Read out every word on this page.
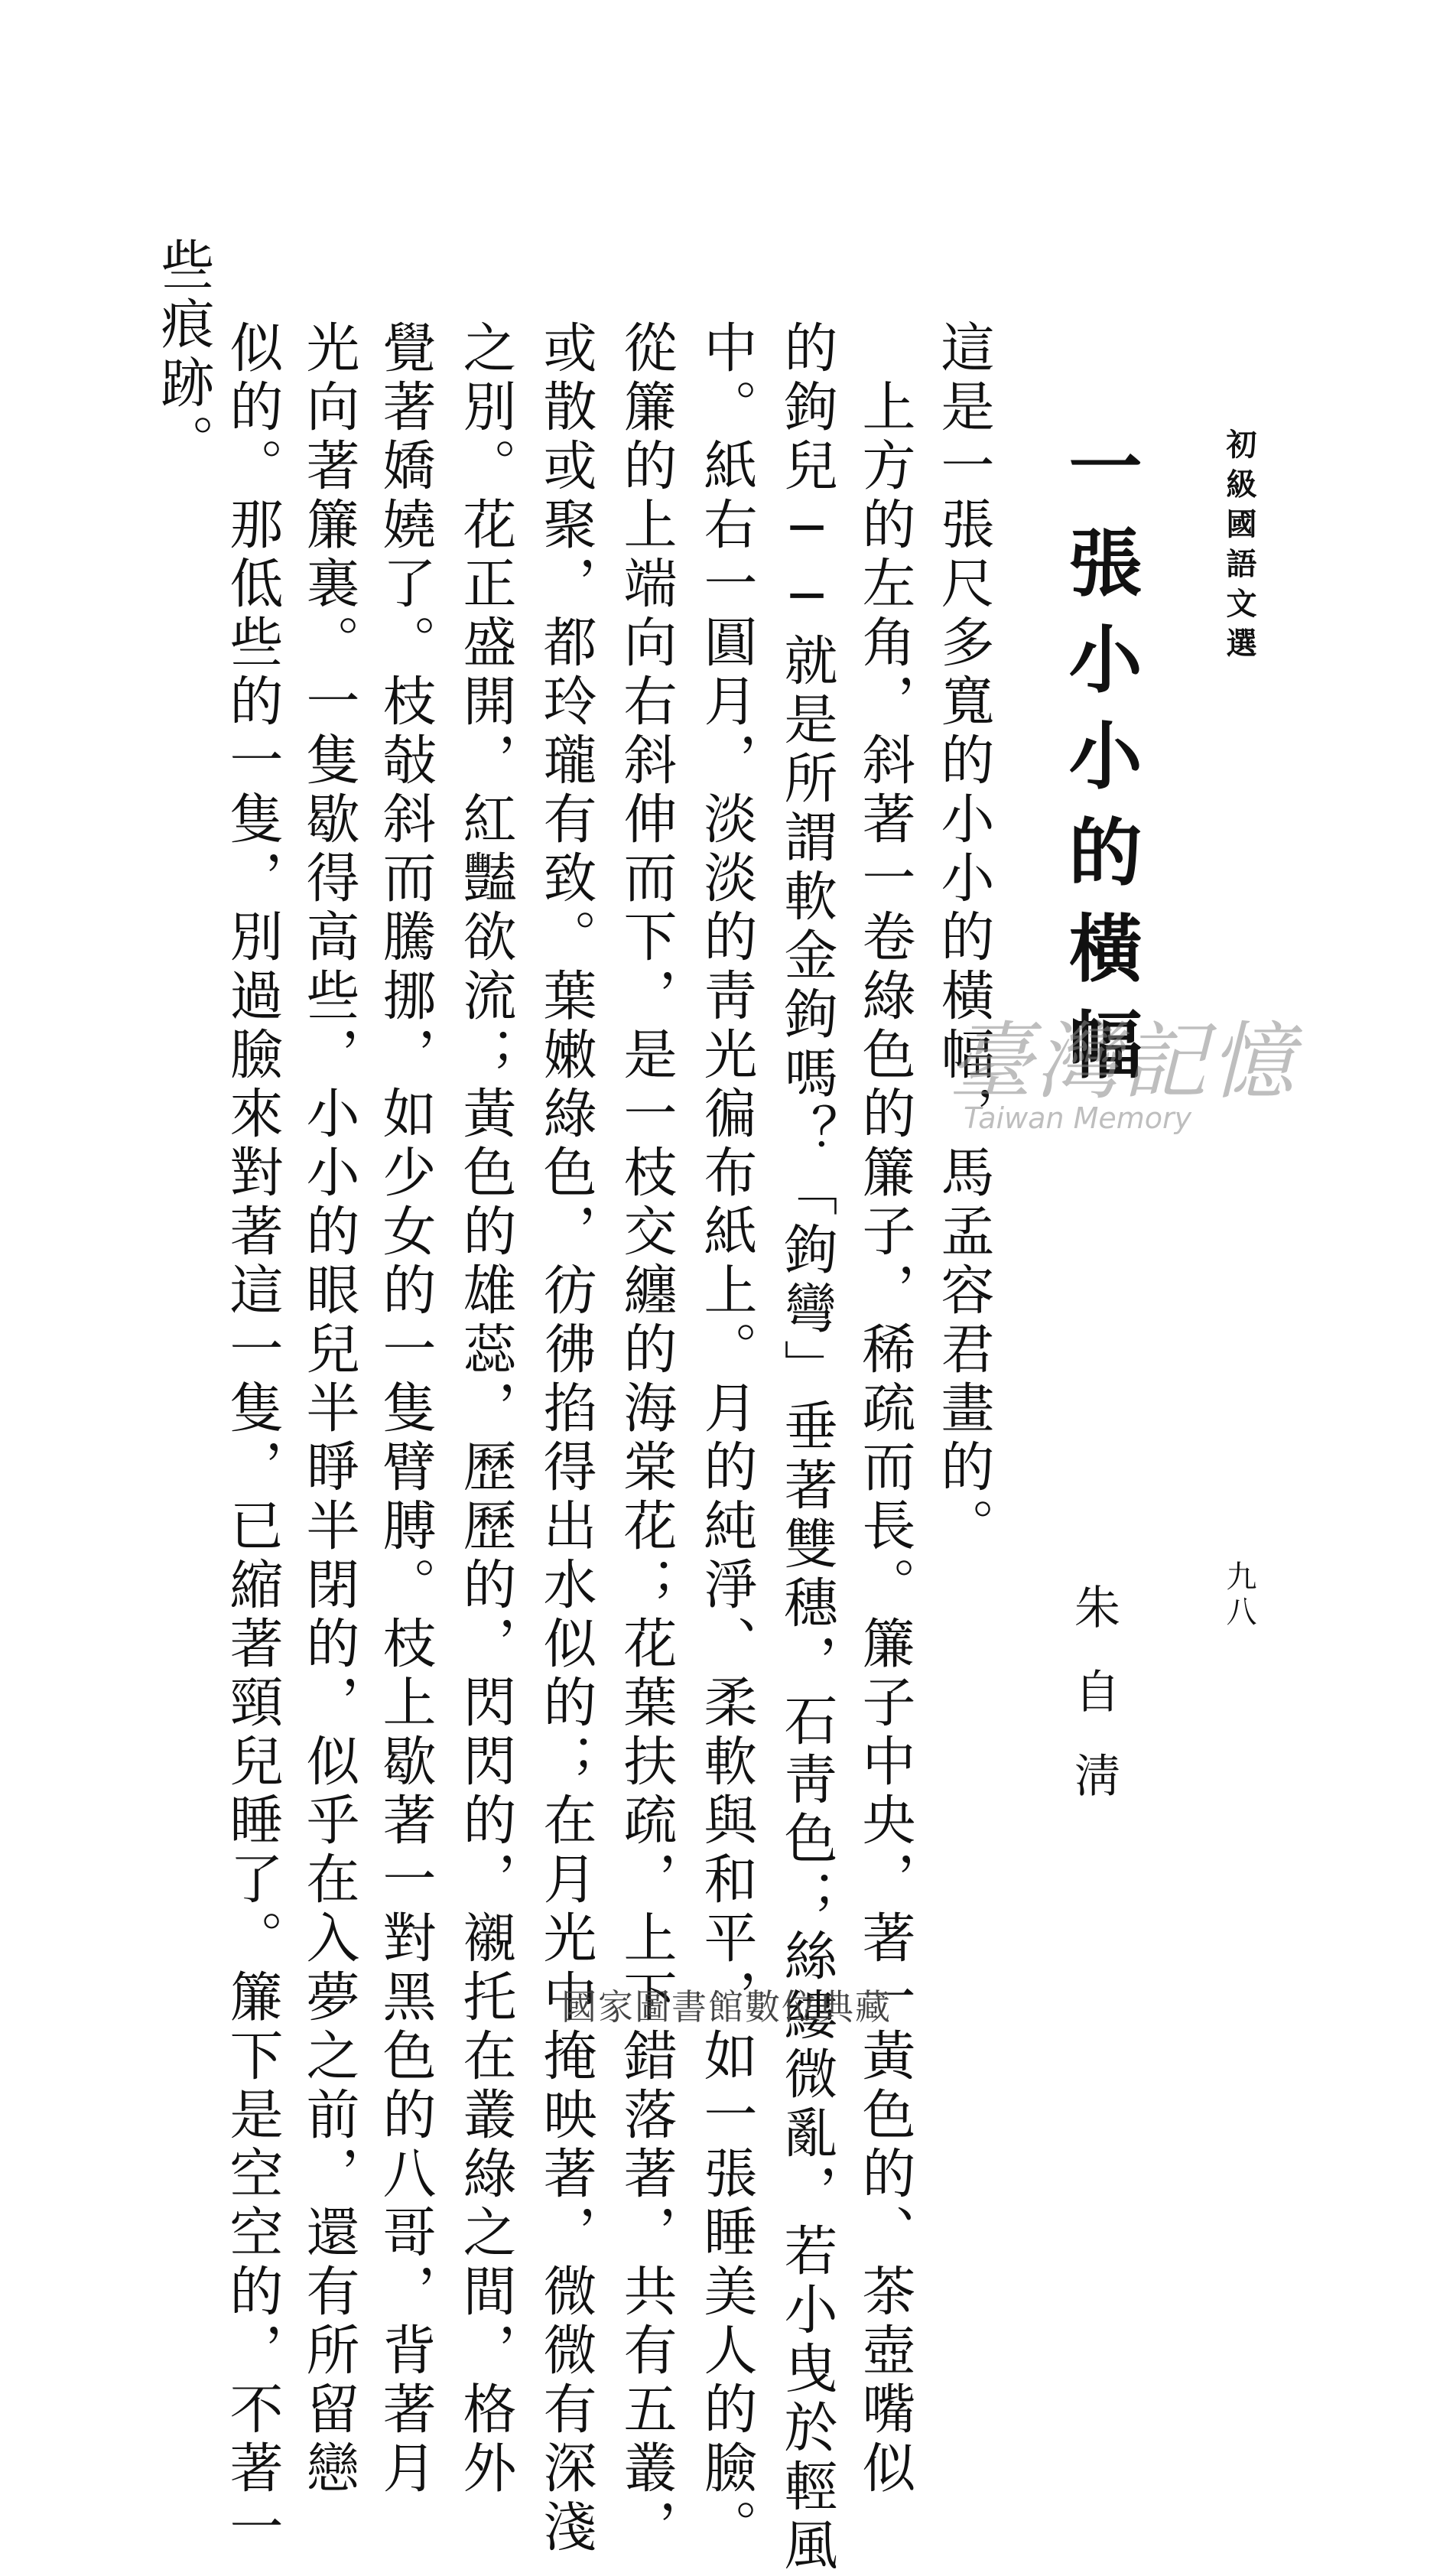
初級國語文選
九八
一張小小的橫幅
朱自淸
這是一張尺多寬的小小的橫幅，馬孟容君畫的。
上方的左角，斜著一卷綠色的簾子，稀疏而長。簾子中央，著一黃色的、茶壺嘴似
的鉤兒──就是所謂軟金鉤嗎？「鉤彎」垂著雙穗，石靑色；絲縷微亂，若小曳於輕風
中。紙右一圓月，淡淡的靑光徧布紙上。月的純淨、柔軟與和平，如一張睡美人的臉。
從簾的上端向右斜伸而下，是一枝交纏的海棠花；花葉扶疏，上下錯落著，共有五叢，
或散或聚，都玲瓏有致。葉嫩綠色，彷彿掐得出水似的；在月光中掩映著，微微有深淺
之別。花正盛開，紅豔欲流；黃色的雄蕊，歷歷的，閃閃的，襯托在叢綠之間，格外
覺著嬌嬈了。枝敧斜而騰挪，如少女的一隻臂膊。枝上歇著一對黑色的八哥，背著月
光向著簾裏。一隻歇得高些，小小的眼兒半睜半閉的，似乎在入夢之前，還有所留戀
似的。那低些的一隻，別過臉來對著這一隻，已縮著頸兒睡了。簾下是空空的，不著一
些痕跡。
臺灣記憶
Taiwan Memory
國家圖書館數位典藏
